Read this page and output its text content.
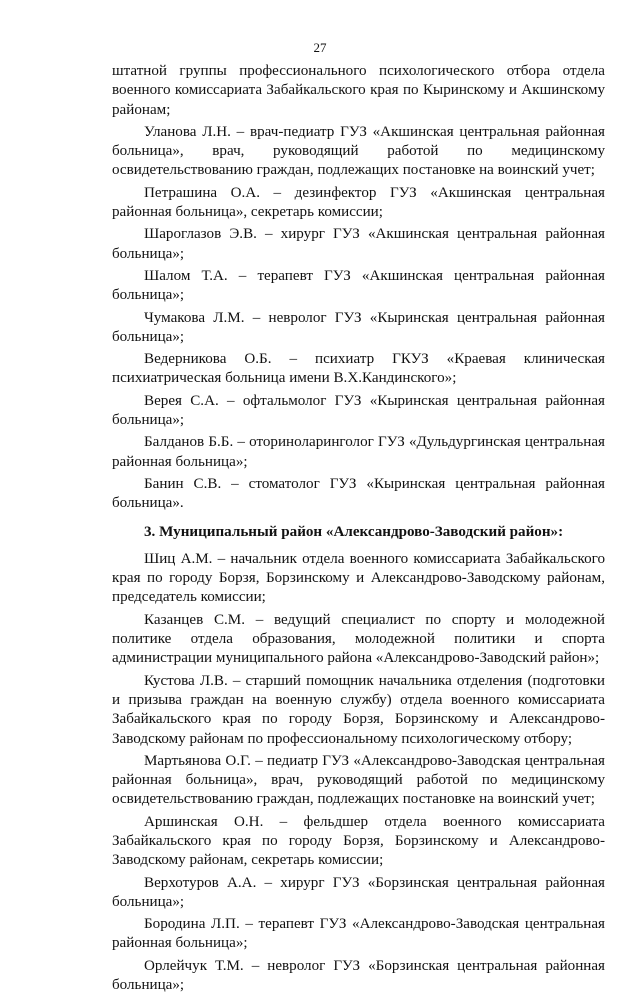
27

штатной группы профессионального психологического отбора отдела военного комиссариата Забайкальского края по Кыринскому и Акшинскому районам;

Уланова Л.Н. – врач-педиатр ГУЗ «Акшинская центральная районная больница», врач, руководящий работой по медицинскому освидетельствованию граждан, подлежащих постановке на воинский учет;

Петрашина О.А. – дезинфектор ГУЗ «Акшинская центральная районная больница», секретарь комиссии;

Шароглазов Э.В. – хирург ГУЗ «Акшинская центральная районная больница»;

Шалом Т.А. – терапевт ГУЗ «Акшинская центральная районная больница»;

Чумакова Л.М. – невролог ГУЗ «Кыринская центральная районная больница»;

Ведерникова О.Б. – психиатр ГКУЗ «Краевая клиническая психиатрическая больница имени В.Х.Кандинского»;

Верея С.А. – офтальмолог ГУЗ «Кыринская центральная районная больница»;

Балданов Б.Б. – оториноларинголог ГУЗ «Дульдургинская центральная районная больница»;

Банин С.В. – стоматолог ГУЗ «Кыринская центральная районная больница».

3. Муниципальный район «Александрово-Заводский район»:

Шиц А.М. – начальник отдела военного комиссариата Забайкальского края по городу Борзя, Борзинскому и Александрово-Заводскому районам, председатель комиссии;

Казанцев С.М. – ведущий специалист по спорту и молодежной политике отдела образования, молодежной политики и спорта администрации муниципального района «Александрово-Заводский район»;

Кустова Л.В. – старший помощник начальника отделения (подготовки и призыва граждан на военную службу) отдела военного комиссариата Забайкальского края по городу Борзя, Борзинскому и Александрово-Заводскому районам по профессиональному психологическому отбору;

Мартьянова О.Г. – педиатр ГУЗ «Александрово-Заводская центральная районная больница», врач, руководящий работой по медицинскому освидетельствованию граждан, подлежащих постановке на воинский учет;

Аршинская О.Н. – фельдшер отдела военного комиссариата Забайкальского края по городу Борзя, Борзинскому и Александрово-Заводскому районам, секретарь комиссии;

Верхотуров А.А. – хирург ГУЗ «Борзинская центральная районная больница»;

Бородина Л.П. – терапевт ГУЗ «Александрово-Заводская центральная районная больница»;

Орлейчук Т.М. – невролог ГУЗ «Борзинская центральная районная больница»;
